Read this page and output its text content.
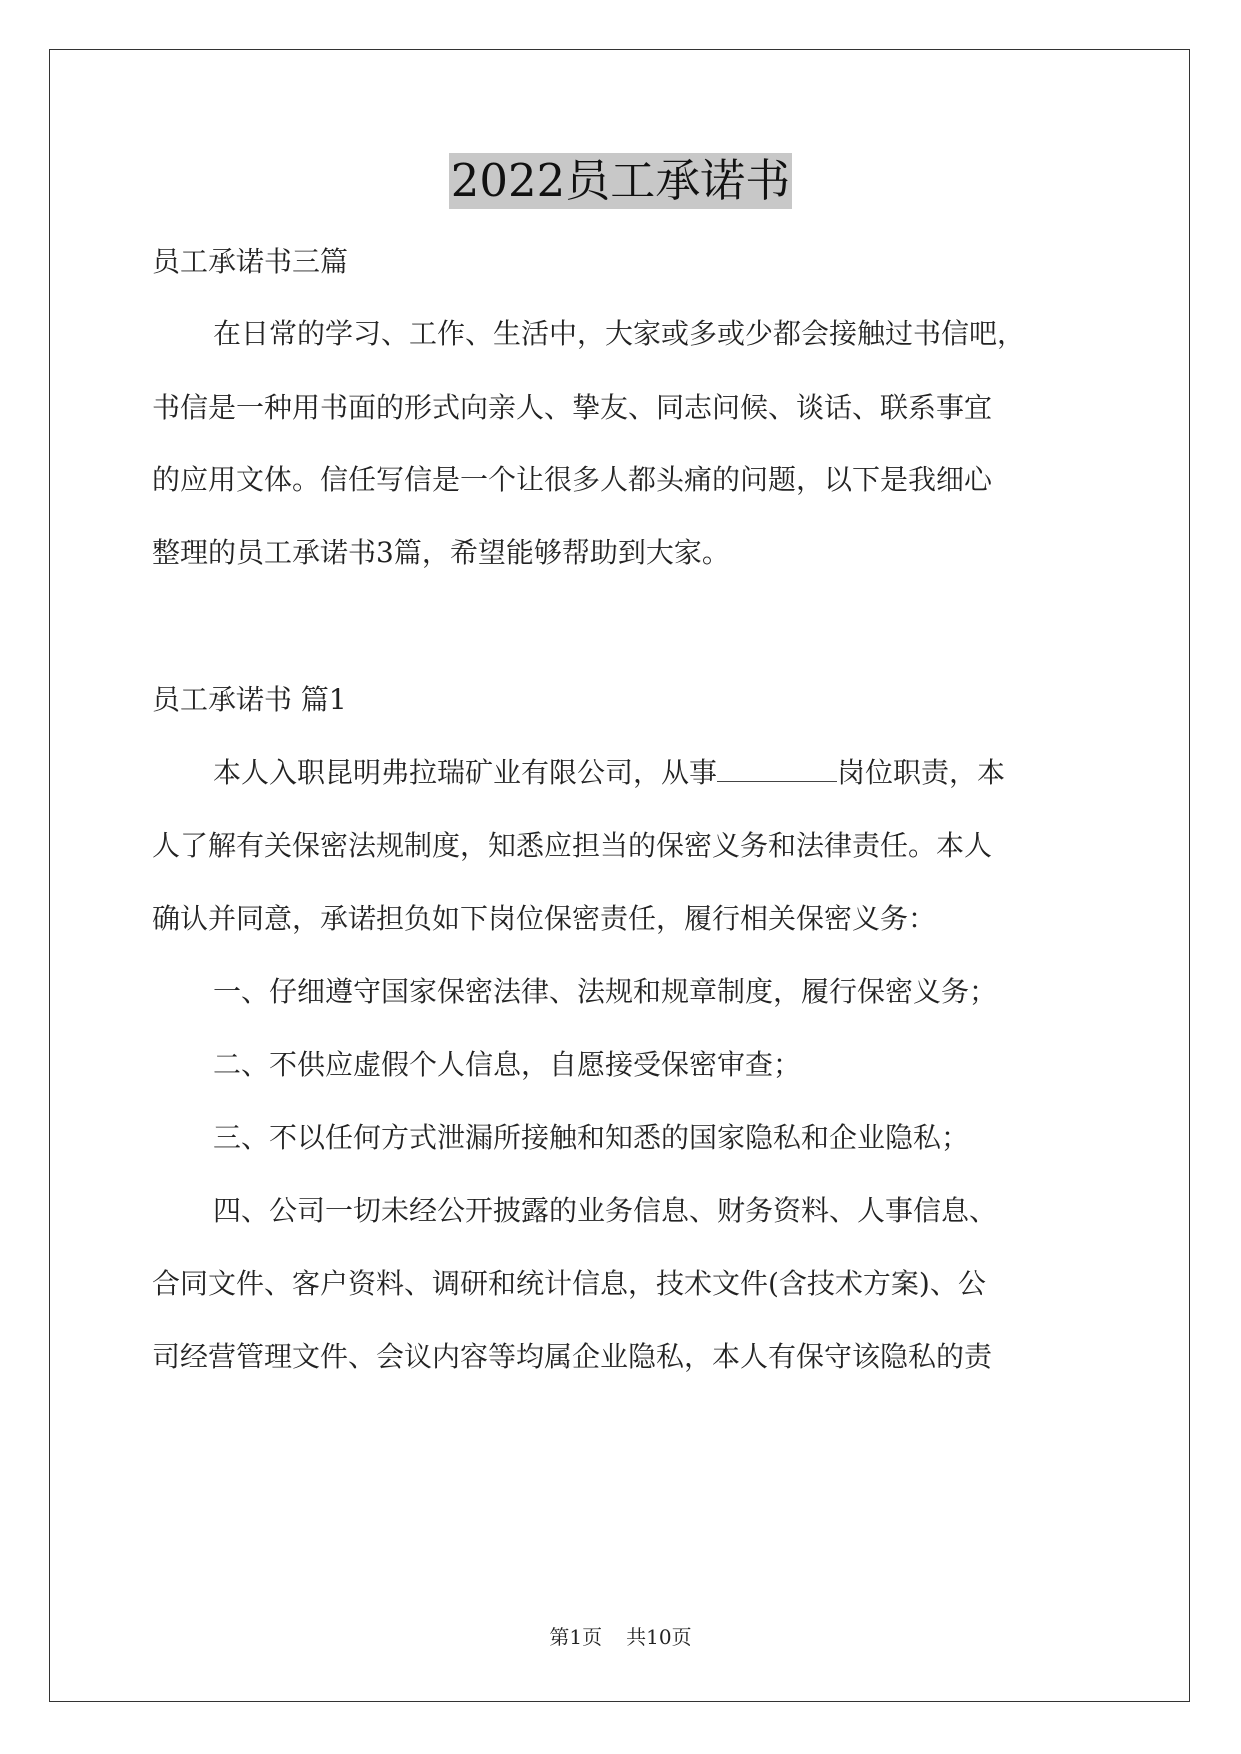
2022员工承诺书
员工承诺书三篇
在日常的学习、工作、生活中，大家或多或少都会接触过书信吧，
书信是一种用书面的形式向亲人、挚友、同志问候、谈话、联系事宜
的应用文体。信任写信是一个让很多人都头痛的问题，以下是我细心
整理的员工承诺书3篇，希望能够帮助到大家。
员工承诺书 篇1
本人入职昆明弗拉瑞矿业有限公司，从事	岗位职责，本
人了解有关保密法规制度，知悉应担当的保密义务和法律责任。本人
确认并同意，承诺担负如下岗位保密责任，履行相关保密义务：
一、仔细遵守国家保密法律、法规和规章制度，履行保密义务；
二、不供应虚假个人信息，自愿接受保密审查；
三、不以任何方式泄漏所接触和知悉的国家隐私和企业隐私；
四、公司一切未经公开披露的业务信息、财务资料、人事信息、
合同文件、客户资料、调研和统计信息，技术文件(含技术方案)、公
司经营管理文件、会议内容等均属企业隐私，本人有保守该隐私的责
第1页 共10页
